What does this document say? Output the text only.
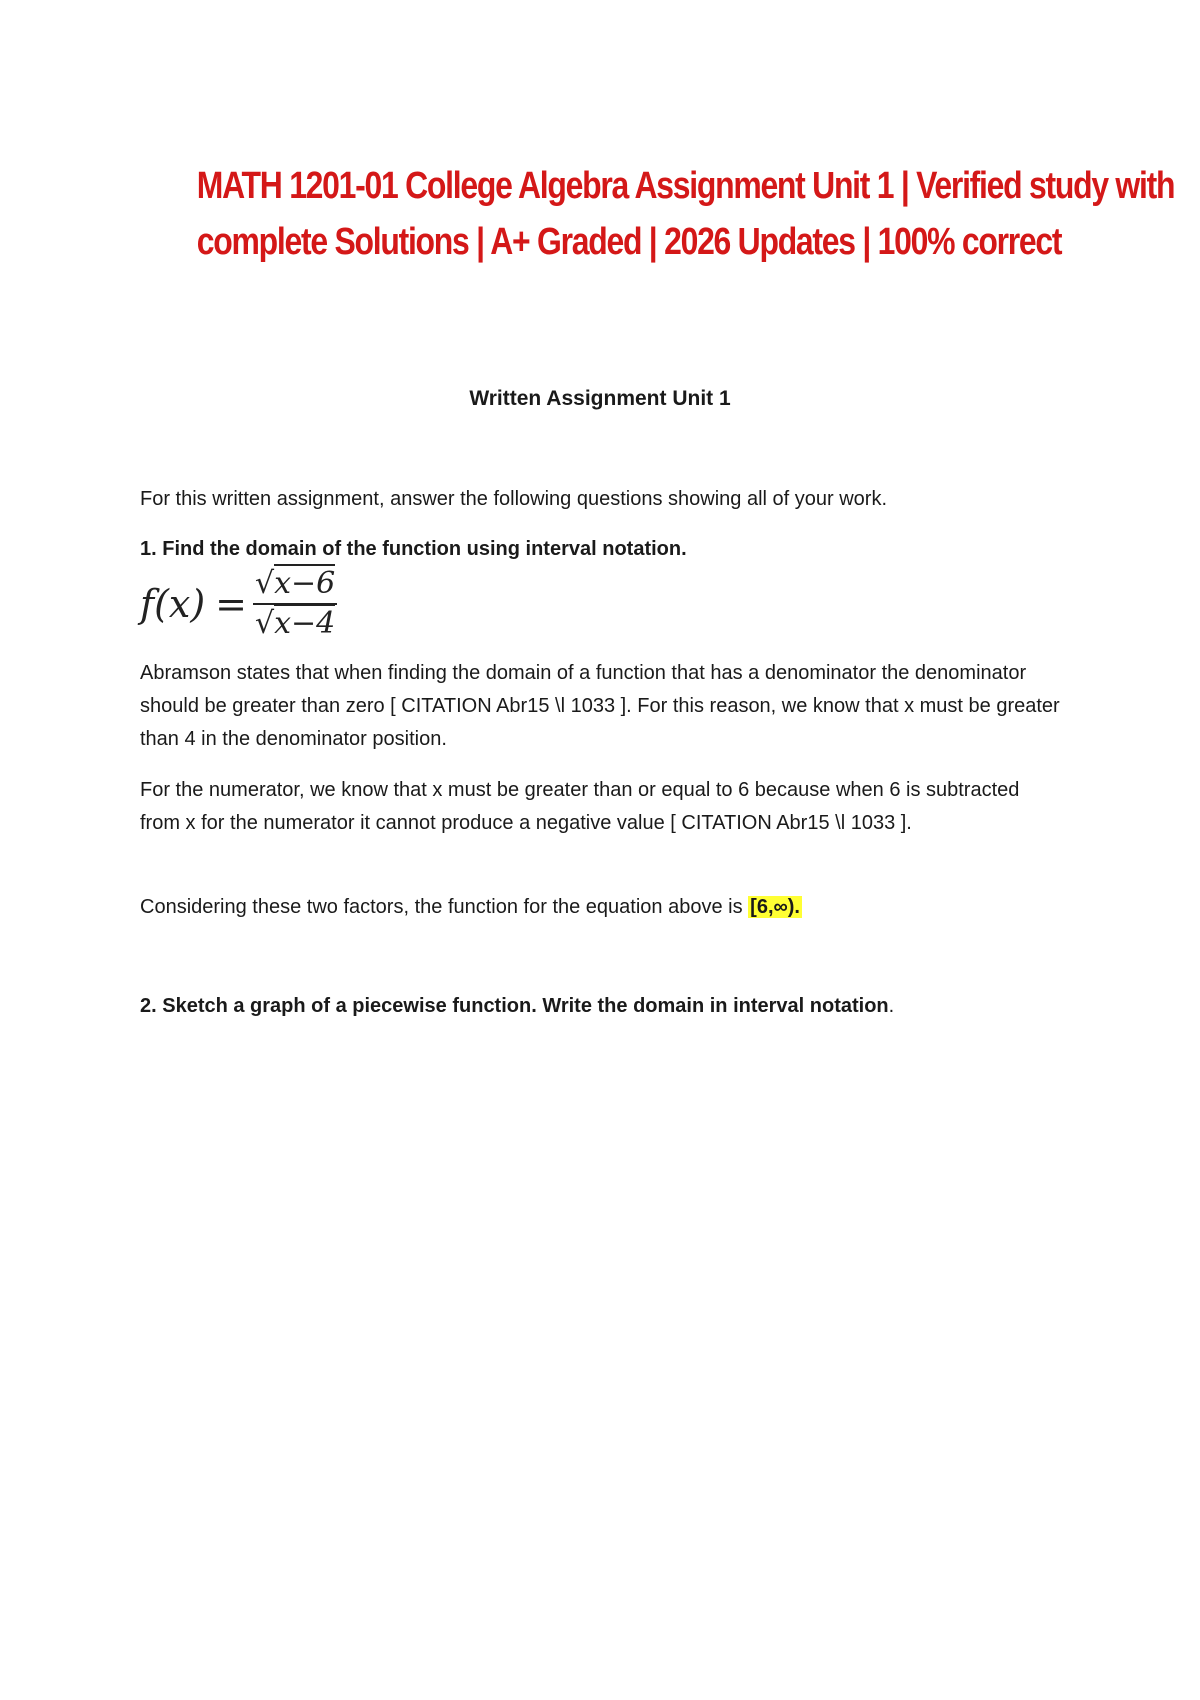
MATH 1201-01 College Algebra Assignment Unit 1 | Verified study with
complete Solutions | A+ Graded | 2026 Updates | 100% correct
Written Assignment Unit 1
For this written assignment, answer the following questions showing all of your work.
1. Find the domain of the function using interval notation.
$f(x) = \frac{√x-6}{√x-4}$
Abramson states that when finding the domain of a function that has a denominator the denominator should be greater than zero [ CITATION Abr15 \l 1033 ]. For this reason, we know that x must be greater than 4 in the denominator position.
For the numerator, we know that x must be greater than or equal to 6 because when 6 is subtracted from x for the numerator it cannot produce a negative value [ CITATION Abr15 \l 1033 ].
Considering these two factors, the function for the equation above is [6,∞).
2. Sketch a graph of a piecewise function. Write the domain in interval notation.
